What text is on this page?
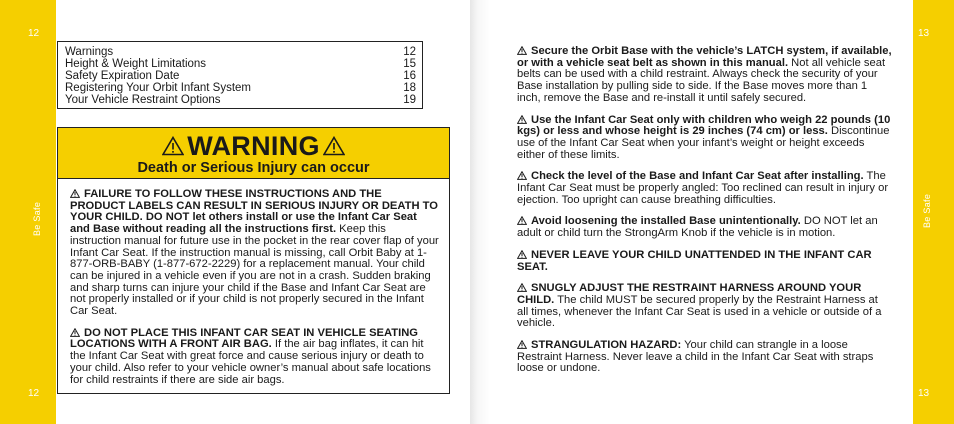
12
12
Be Safe
13
13
Be Safe
Warnings	12
Height & Weight Limitations	15
Safety Expiration Date	16
Registering Your Orbit Infant System	18
Your Vehicle Restraint Options	19
WARNING
Death or Serious Injury can occur

FAILURE TO FOLLOW THESE INSTRUCTIONS AND THE PRODUCT LABELS CAN RESULT IN SERIOUS INJURY OR DEATH TO YOUR CHILD. DO NOT let others install or use the Infant Car Seat and Base without reading all the instructions first. Keep this instruction manual for future use in the pocket in the rear cover flap of your Infant Car Seat. If the instruction manual is missing, call Orbit Baby at 1-877-ORB-BABY (1-877-672-2229) for a replacement manual. Your child can be injured in a vehicle even if you are not in a crash. Sudden braking and sharp turns can injure your child if the Base and Infant Car Seat are not properly installed or if your child is not properly secured in the Infant Car Seat.

DO NOT PLACE THIS INFANT CAR SEAT IN VEHICLE SEATING LOCATIONS WITH A FRONT AIR BAG. If the air bag inflates, it can hit the Infant Car Seat with great force and cause serious injury or death to your child. Also refer to your vehicle owner’s manual about safe locations for child restraints if there are side air bags.

Secure the Orbit Base with the vehicle’s LATCH system, if available, or with a vehicle seat belt as shown in this manual. Not all vehicle seat belts can be used with a child restraint. Always check the security of your Base installation by pulling side to side. If the Base moves more than 1 inch, remove the Base and re-install it until safely secured.

Use the Infant Car Seat only with children who weigh 22 pounds (10 kgs) or less and whose height is 29 inches (74 cm) or less. Discontinue use of the Infant Car Seat when your infant’s weight or height exceeds either of these limits.

Check the level of the Base and Infant Car Seat after installing. The Infant Car Seat must be properly angled: Too reclined can result in injury or ejection. Too upright can cause breathing difficulties.

Avoid loosening the installed Base unintentionally. DO NOT let an adult or child turn the StrongArm Knob if the vehicle is in motion.

NEVER LEAVE YOUR CHILD UNATTENDED IN THE INFANT CAR SEAT.

SNUGLY ADJUST THE RESTRAINT HARNESS AROUND YOUR CHILD. The child MUST be secured properly by the Restraint Harness at all times, whenever the Infant Car Seat is used in a vehicle or outside of a vehicle.

STRANGULATION HAZARD: Your child can strangle in a loose Restraint Harness. Never leave a child in the Infant Car Seat with straps loose or undone.
